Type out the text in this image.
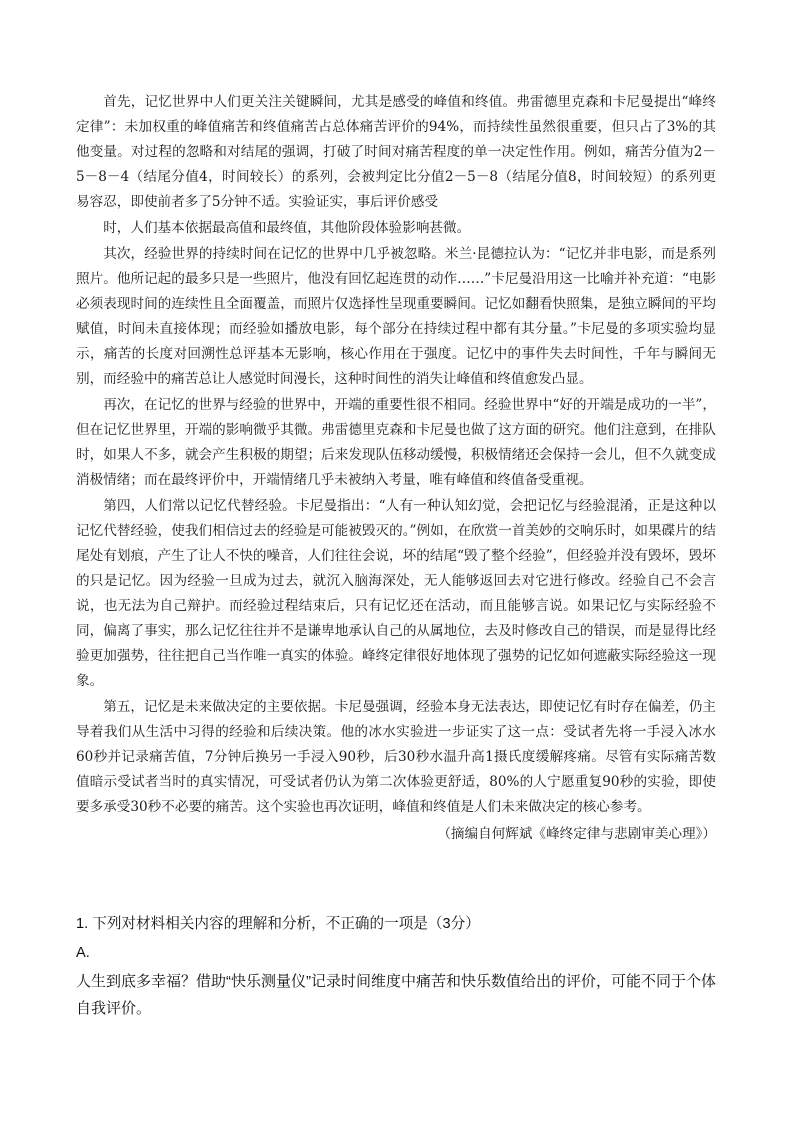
首先，记忆世界中人们更关注关键瞬间，尤其是感受的峰值和终值。弗雷德里克森和卡尼曼提出“峰终定律”：未加权重的峰值痛苦和终值痛苦占总体痛苦评价的94%，而持续性虽然很重要，但只占了3%的其他变量。对过程的忽略和对结尾的强调，打破了时间对痛苦程度的单一决定性作用。例如，痛苦分值为2－5－8－4（结尾分值4，时间较长）的系列，会被判定比分值2－5－8（结尾分值8，时间较短）的系列更易容忍，即使前者多了5分钟不适。实验证实，事后评价感受

时，人们基本依据最高值和最终值，其他阶段体验影响甚微。

其次，经验世界的持续时间在记忆的世界中几乎被忽略。米兰·昆德拉认为：“记忆并非电影，而是系列照片。他所记起的最多只是一些照片，他没有回忆起连贯的动作……”卡尼曼沿用这一比喻并补充道：“电影必须表现时间的连续性且全面覆盖，而照片仅选择性呈现重要瞬间。记忆如翻看快照集，是独立瞬间的平均赋值，时间未直接体现；而经验如播放电影，每个部分在持续过程中都有其分量。”卡尼曼的多项实验均显示，痛苦的长度对回溯性总评基本无影响，核心作用在于强度。记忆中的事件失去时间性，千年与瞬间无别，而经验中的痛苦总让人感觉时间漫长，这种时间性的消失让峰值和终值愈发凸显。

再次，在记忆的世界与经验的世界中，开端的重要性很不相同。经验世界中“好的开端是成功的一半”，但在记忆世界里，开端的影响微乎其微。弗雷德里克森和卡尼曼也做了这方面的研究。他们注意到，在排队时，如果人不多，就会产生积极的期望；后来发现队伍移动缓慢，积极情绪还会保持一会儿，但不久就变成消极情绪；而在最终评价中，开端情绪几乎未被纳入考量，唯有峰值和终值备受重视。

第四，人们常以记忆代替经验。卡尼曼指出：“人有一种认知幻觉，会把记忆与经验混淆，正是这种以记忆代替经验，使我们相信过去的经验是可能被毁灭的。”例如，在欣赏一首美妙的交响乐时，如果碟片的结尾处有划痕，产生了让人不快的噪音，人们往往会说，坏的结尾“毁了整个经验”，但经验并没有毁坏，毁坏的只是记忆。因为经验一旦成为过去，就沉入脑海深处，无人能够返回去对它进行修改。经验自己不会言说，也无法为自己辩护。而经验过程结束后，只有记忆还在活动，而且能够言说。如果记忆与实际经验不同，偏离了事实，那么记忆往往并不是谦卑地承认自己的从属地位，去及时修改自己的错误，而是显得比经验更加强势，往往把自己当作唯一真实的体验。峰终定律很好地体现了强势的记忆如何遮蔽实际经验这一现象。

第五，记忆是未来做决定的主要依据。卡尼曼强调，经验本身无法表达，即使记忆有时存在偏差，仍主导着我们从生活中习得的经验和后续决策。他的冰水实验进一步证实了这一点：受试者先将一手浸入冰水60秒并记录痛苦值，7分钟后换另一手浸入90秒，后30秒水温升高1摄氏度缓解疼痛。尽管有实际痛苦数值暗示受试者当时的真实情况，可受试者仍认为第二次体验更舒适，80%的人宁愿重复90秒的实验，即使要多承受30秒不必要的痛苦。这个实验也再次证明，峰值和终值是人们未来做决定的核心参考。

（摘编自何辉斌《峰终定律与悲剧审美心理》）

1. 下列对材料相关内容的理解和分析，不正确的一项是（3分）

A.

人生到底多幸福？借助“快乐测量仪”记录时间维度中痛苦和快乐数值给出的评价，可能不同于个体自我评价。
